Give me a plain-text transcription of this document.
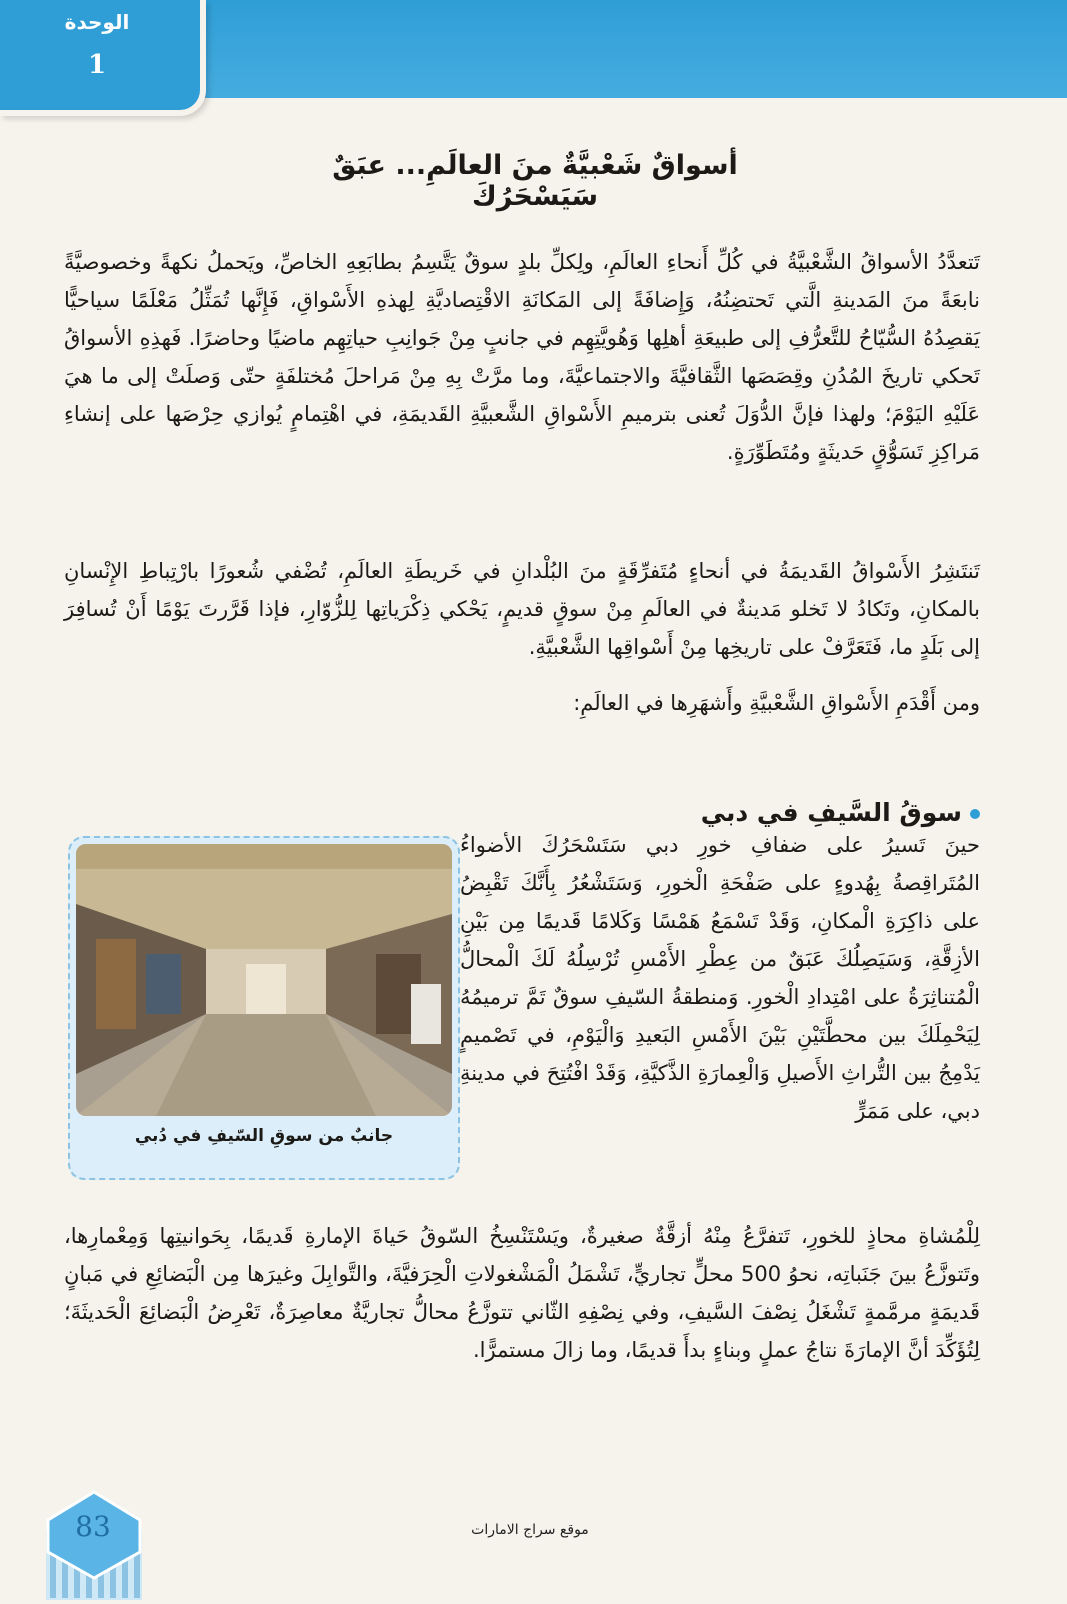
الوحدة
1
أسواقٌ شَعْبيَّةٌ منَ العالَمِ... عبَقٌ سَيَسْحَرُكَ

تَتعدَّدُ الأسواقُ الشَّعْبيَّةُ في كُلِّ أَنحاءِ العالَمِ، ولِكلِّ بلدٍ سوقٌ يَتَّسِمُ بطابَعِهِ الخاصِّ، ويَحملُ نكهةً وخصوصيَّةً نابعَةً منَ المَدينةِ الَّتي تَحتضِنُهُ، وَإِضافَةً إلى المَكانَةِ الاقْتِصاديَّةِ لِهذهِ الأَسْواقِ، فَإِنَّها تُمَثِّلُ مَعْلَمًا سياحيًّا يَقصِدُهُ السُّيّاحُ للتَّعرُّفِ إلى طبيعَةِ أهلِها وَهُويَّتِهِم في جانبٍ مِنْ جَوانِبِ حياتِهِم ماضيًا وحاضرًا. فَهذِهِ الأسواقُ تَحكي تاريخَ المُدُنِ وقِصَصَها الثَّقافيَّةَ والاجتماعيَّةَ، وما مرَّتْ بِهِ مِنْ مَراحلَ مُختلفَةٍ حتّى وَصلَتْ إلى ما هيَ عَلَيْهِ اليَوْمَ؛ ولهذا فإنَّ الدُّوَلَ تُعنى بترميمِ الأَسْواقِ الشَّعبيَّةِ القَديمَةِ، في اهْتِمامٍ يُوازي حِرْصَها على إنشاءِ مَراكِزِ تَسَوُّقٍ حَديثَةٍ ومُتَطَوِّرَةٍ.

تَنتَشِرُ الأَسْواقُ القَديمَةُ في أنحاءٍ مُتَفرِّقَةٍ منَ البُلْدانِ في خَريطَةِ العالَمِ، تُضْفي شُعورًا بارْتِباطِ الإِنْسانِ بالمكانِ، وتَكادُ لا تَخلو مَدينةٌ في العالَمِ مِنْ سوقٍ قديمٍ، يَحْكي ذِكْرَياتِها لِلزُّوّارِ، فإذا قَرَّرتَ يَوْمًا أَنْ تُسافِرَ إلى بَلَدٍ ما، فَتَعَرَّفْ على تاريخِها مِنْ أَسْواقِها الشَّعْبيَّةِ.

ومن أَقْدَمِ الأَسْواقِ الشَّعْبيَّةِ وأَشهَرِها في العالَمِ:

سوقُ السَّيفِ في دبي

حينَ تَسيرُ على ضفافِ خورِ دبي سَتَسْحَرُكَ الأضواءُ المُتَراقِصةُ بِهُدوءٍ على صَفْحَةِ الْخورِ، وَسَتَشْعُرُ بِأَنَّكَ تَقْبِضُ على ذاكِرَةِ الْمكانِ، وَقَدْ تَسْمَعُ هَمْسًا وَكَلامًا قَديمًا مِن بَيْنِ الأزِقَّةِ، وَسَيَصِلُكَ عَبَقٌ من عِطْرِ الأَمْسِ تُرْسِلُهُ لَكَ الْمحالُّ الْمُتناثِرَةُ على امْتِدادِ الْخورِ. وَمنطقةُ السّيفِ سوقٌ تَمَّ ترميمُهُ لِيَحْمِلَكَ بين محطَّتَيْنِ بَيْنَ الأَمْسِ البَعيدِ وَالْيَوْمِ، في تَصْميمٍ يَدْمِجُ بين التُّراثِ الأَصيلِ وَالْعِمارَةِ الذَّكيَّةِ، وَقَدْ افْتُتِحَ في مدينةِ دبي، على مَمَرٍّ

لِلْمُشاةِ محاذٍ للخورِ، تَتفرَّعُ مِنْهُ أزقَّةٌ صغيرةٌ، ويَسْتَنْسِخُ السّوقُ حَياةَ الإمارةِ قَديمًا، بِحَوانيتِها وَمِعْمارِها، وتَتوزَّعُ بينَ جَنَباتِه، نحوُ 500 محلٍّ تجاريٍّ، تَشْمَلُ الْمَشْغولاتِ الْحِرَفيَّةَ، والتَّوابِلَ وغيرَها مِن الْبَضائِعِ في مَبانٍ قَديمَةٍ مرمَّمةٍ تَشْغَلُ نِصْفَ السَّيفِ، وفي نِصْفِهِ الثّاني تتوزَّعُ محالُّ تجاريَّةٌ معاصِرَةٌ، تَعْرِضُ الْبَضائِعَ الْحَديثَةَ؛ لِتُؤَكِّدَ أنَّ الإمارَةَ نتاجُ عملٍ وبناءٍ بدأَ قديمًا، وما زالَ مستمرًّا.

جانبٌ من سوقِ السّيفِ في دُبي
83	موقع سراج الامارات
